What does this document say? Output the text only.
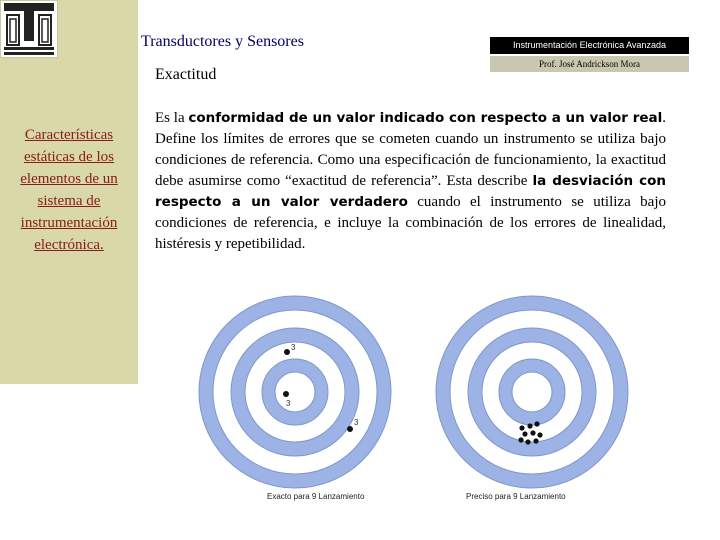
Características estáticas de los elementos de un sistema de instrumentación electrónica.
Transductores y Sensores	Instrumentación Electrónica Avanzada
Prof. José Andrickson Mora
Exactitud
Es la conformidad de un valor indicado con respecto a un valor real. Define los límites de errores que se cometen cuando un instrumento se utiliza bajo condiciones de referencia. Como una especificación de funcionamiento, la exactitud debe asumirse como “exactitud de referencia”. Esta describe la desviación con respecto a un valor verdadero cuando el instrumento se utiliza bajo condiciones de referencia, e incluye la combinación de los errores de linealidad, histéresis y repetibilidad.
3
3
3
Exacto para 9 Lanzamiento	Preciso para 9 Lanzamiento
